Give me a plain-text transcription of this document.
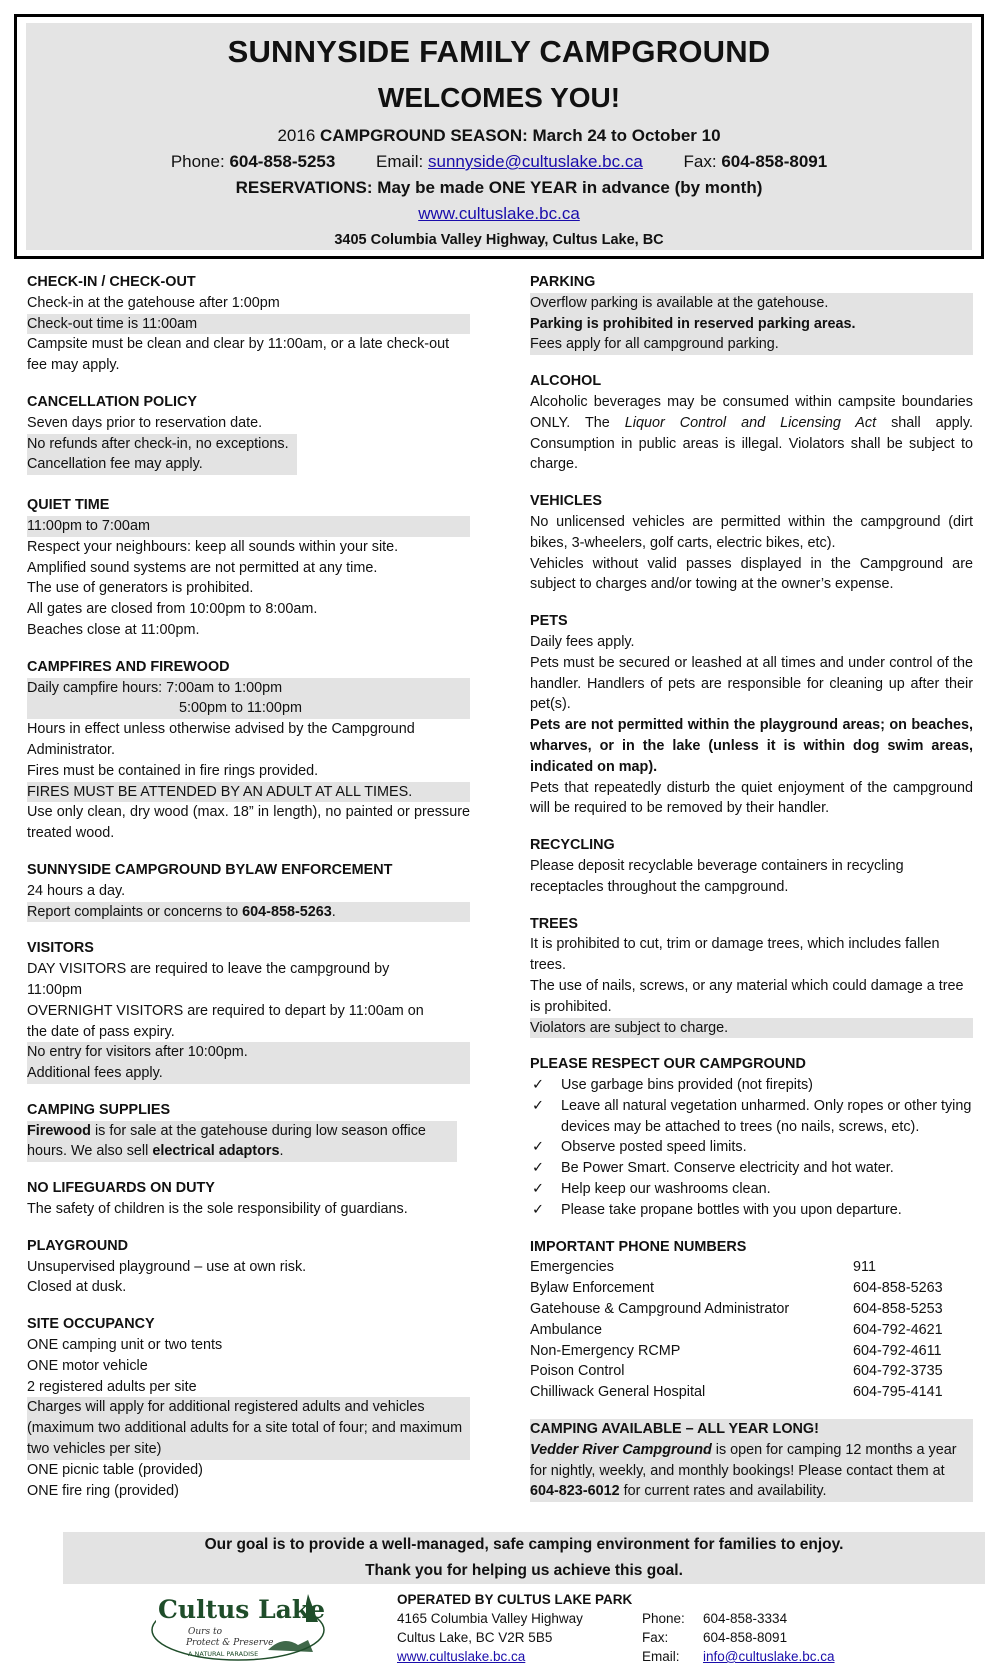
SUNNYSIDE FAMILY CAMPGROUND
WELCOMES YOU!
2016 CAMPGROUND SEASON: March 24 to October 10
Phone: 604-858-5253 Email: sunnyside@cultuslake.bc.ca Fax: 604-858-8091
RESERVATIONS: May be made ONE YEAR in advance (by month)
www.cultuslake.bc.ca
3405 Columbia Valley Highway, Cultus Lake, BC
CHECK-IN / CHECK-OUT
Check-in at the gatehouse after 1:00pm
Check-out time is 11:00am
Campsite must be clean and clear by 11:00am, or a late check-out fee may apply.
CANCELLATION POLICY
Seven days prior to reservation date.
No refunds after check-in, no exceptions.
Cancellation fee may apply.
QUIET TIME
11:00pm to 7:00am
Respect your neighbours: keep all sounds within your site.
Amplified sound systems are not permitted at any time.
The use of generators is prohibited.
All gates are closed from 10:00pm to 8:00am.
Beaches close at 11:00pm.
CAMPFIRES AND FIREWOOD
Daily campfire hours: 7:00am to 1:00pm
5:00pm to 11:00pm
Hours in effect unless otherwise advised by the Campground Administrator.
Fires must be contained in fire rings provided.
FIRES MUST BE ATTENDED BY AN ADULT AT ALL TIMES.
Use only clean, dry wood (max. 18” in length), no painted or pressure treated wood.
SUNNYSIDE CAMPGROUND BYLAW ENFORCEMENT
24 hours a day.
Report complaints or concerns to 604-858-5263.
VISITORS
DAY VISITORS are required to leave the campground by 11:00pm
OVERNIGHT VISITORS are required to depart by 11:00am on the date of pass expiry.
No entry for visitors after 10:00pm.
Additional fees apply.
CAMPING SUPPLIES
Firewood is for sale at the gatehouse during low season office hours. We also sell electrical adaptors.
NO LIFEGUARDS ON DUTY
The safety of children is the sole responsibility of guardians.
PLAYGROUND
Unsupervised playground – use at own risk.
Closed at dusk.
SITE OCCUPANCY
ONE camping unit or two tents
ONE motor vehicle
2 registered adults per site
Charges will apply for additional registered adults and vehicles (maximum two additional adults for a site total of four; and maximum two vehicles per site)
ONE picnic table (provided)
ONE fire ring (provided)
PARKING
Overflow parking is available at the gatehouse.
Parking is prohibited in reserved parking areas.
Fees apply for all campground parking.
ALCOHOL
Alcoholic beverages may be consumed within campsite boundaries ONLY. The Liquor Control and Licensing Act shall apply. Consumption in public areas is illegal. Violators shall be subject to charge.
VEHICLES
No unlicensed vehicles are permitted within the campground (dirt bikes, 3-wheelers, golf carts, electric bikes, etc).
Vehicles without valid passes displayed in the Campground are subject to charges and/or towing at the owner’s expense.
PETS
Daily fees apply.
Pets must be secured or leashed at all times and under control of the handler. Handlers of pets are responsible for cleaning up after their pet(s).
Pets are not permitted within the playground areas; on beaches, wharves, or in the lake (unless it is within dog swim areas, indicated on map).
Pets that repeatedly disturb the quiet enjoyment of the campground will be required to be removed by their handler.
RECYCLING
Please deposit recyclable beverage containers in recycling receptacles throughout the campground.
TREES
It is prohibited to cut, trim or damage trees, which includes fallen trees.
The use of nails, screws, or any material which could damage a tree is prohibited.
Violators are subject to charge.
PLEASE RESPECT OUR CAMPGROUND
✓ Use garbage bins provided (not firepits)
✓ Leave all natural vegetation unharmed. Only ropes or other tying devices may be attached to trees (no nails, screws, etc).
✓ Observe posted speed limits.
✓ Be Power Smart. Conserve electricity and hot water.
✓ Help keep our washrooms clean.
✓ Please take propane bottles with you upon departure.
IMPORTANT PHONE NUMBERS
Emergencies	911
Bylaw Enforcement	604-858-5263
Gatehouse & Campground Administrator	604-858-5253
Ambulance	604-792-4621
Non-Emergency RCMP	604-792-4611
Poison Control	604-792-3735
Chilliwack General Hospital	604-795-4141
CAMPING AVAILABLE – ALL YEAR LONG!
Vedder River Campground is open for camping 12 months a year for nightly, weekly, and monthly bookings! Please contact them at 604-823-6012 for current rates and availability.
Our goal is to provide a well-managed, safe camping environment for families to enjoy.
Thank you for helping us achieve this goal.
Cultus Lake
Ours to
Protect & Preserve
A NATURAL PARADISE
OPERATED BY CULTUS LAKE PARK
4165 Columbia Valley Highway
Cultus Lake, BC V2R 5B5
www.cultuslake.bc.ca
Phone: 604-858-3334
Fax:	604-858-8091
Email: info@cultuslake.bc.ca
